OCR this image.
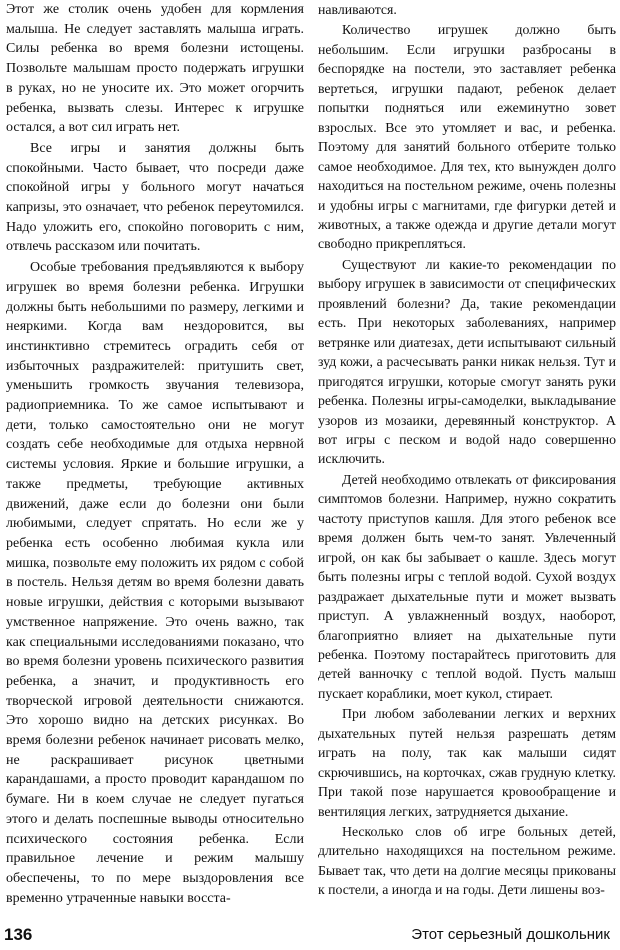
Этот же столик очень удобен для кормления малыша. Не следует заставлять малыша играть. Силы ребенка во время болезни истощены. Позвольте малышам просто подержать игрушки в руках, но не уносите их. Это может огорчить ребенка, вызвать слезы. Интерес к игрушке остался, а вот сил играть нет.

Все игры и занятия должны быть спокойными. Часто бывает, что посреди даже спокойной игры у больного могут начаться капризы, это означает, что ребенок переутомился. Надо уложить его, спокойно поговорить с ним, отвлечь рассказом или почитать.

Особые требования предъявляются к выбору игрушек во время болезни ребенка. Игрушки должны быть небольшими по размеру, легкими и неяркими. Когда вам нездоровится, вы инстинктивно стремитесь оградить себя от избыточных раздражителей: притушить свет, уменьшить громкость звучания телевизора, радиоприемника. То же самое испытывают и дети, только самостоятельно они не могут создать себе необходимые для отдыха нервной системы условия. Яркие и большие игрушки, а также предметы, требующие активных движений, даже если до болезни они были любимыми, следует спрятать. Но если же у ребенка есть особенно любимая кукла или мишка, позвольте ему положить их рядом с собой в постель. Нельзя детям во время болезни давать новые игрушки, действия с которыми вызывают умственное напряжение. Это очень важно, так как специальными исследованиями показано, что во время болезни уровень психического развития ребенка, а значит, и продуктивность его творческой игровой деятельности снижаются. Это хорошо видно на детских рисунках. Во время болезни ребенок начинает рисовать мелко, не раскрашивает рисунок цветными карандашами, а просто проводит карандашом по бумаге. Ни в коем случае не следует пугаться этого и делать поспешные выводы относительно психического состояния ребенка. Если правильное лечение и режим малышу обеспечены, то по мере выздоровления все временно утраченные навыки восста-

навливаются.

Количество игрушек должно быть небольшим. Если игрушки разбросаны в беспорядке на постели, это заставляет ребенка вертеться, игрушки падают, ребенок делает попытки подняться или ежеминутно зовет взрослых. Все это утомляет и вас, и ребенка. Поэтому для занятий больного отберите только самое необходимое. Для тех, кто вынужден долго находиться на постельном режиме, очень полезны и удобны игры с магнитами, где фигурки детей и животных, а также одежда и другие детали могут свободно прикрепляться.

Существуют ли какие-то рекомендации по выбору игрушек в зависимости от специфических проявлений болезни? Да, такие рекомендации есть. При некоторых заболеваниях, например ветрянке или диатезах, дети испытывают сильный зуд кожи, а расчесывать ранки никак нельзя. Тут и пригодятся игрушки, которые смогут занять руки ребенка. Полезны игры-самоделки, выкладывание узоров из мозаики, деревянный конструктор. А вот игры с песком и водой надо совершенно исключить.

Детей необходимо отвлекать от фиксирования симптомов болезни. Например, нужно сократить частоту приступов кашля. Для этого ребенок все время должен быть чем-то занят. Увлеченный игрой, он как бы забывает о кашле. Здесь могут быть полезны игры с теплой водой. Сухой воздух раздражает дыхательные пути и может вызвать приступ. А увлажненный воздух, наоборот, благоприятно влияет на дыхательные пути ребенка. Поэтому постарайтесь приготовить для детей ванночку с теплой водой. Пусть малыш пускает кораблики, моет кукол, стирает.

При любом заболевании легких и верхних дыхательных путей нельзя разрешать детям играть на полу, так как малыши сидят скрючившись, на корточках, сжав грудную клетку. При такой позе нарушается кровообращение и вентиляция легких, затрудняется дыхание.

Несколько слов об игре больных детей, длительно находящихся на постельном режиме. Бывает так, что дети на долгие месяцы прикованы к постели, а иногда и на годы. Дети лишены воз-

136	Этот серьезный дошкольник
